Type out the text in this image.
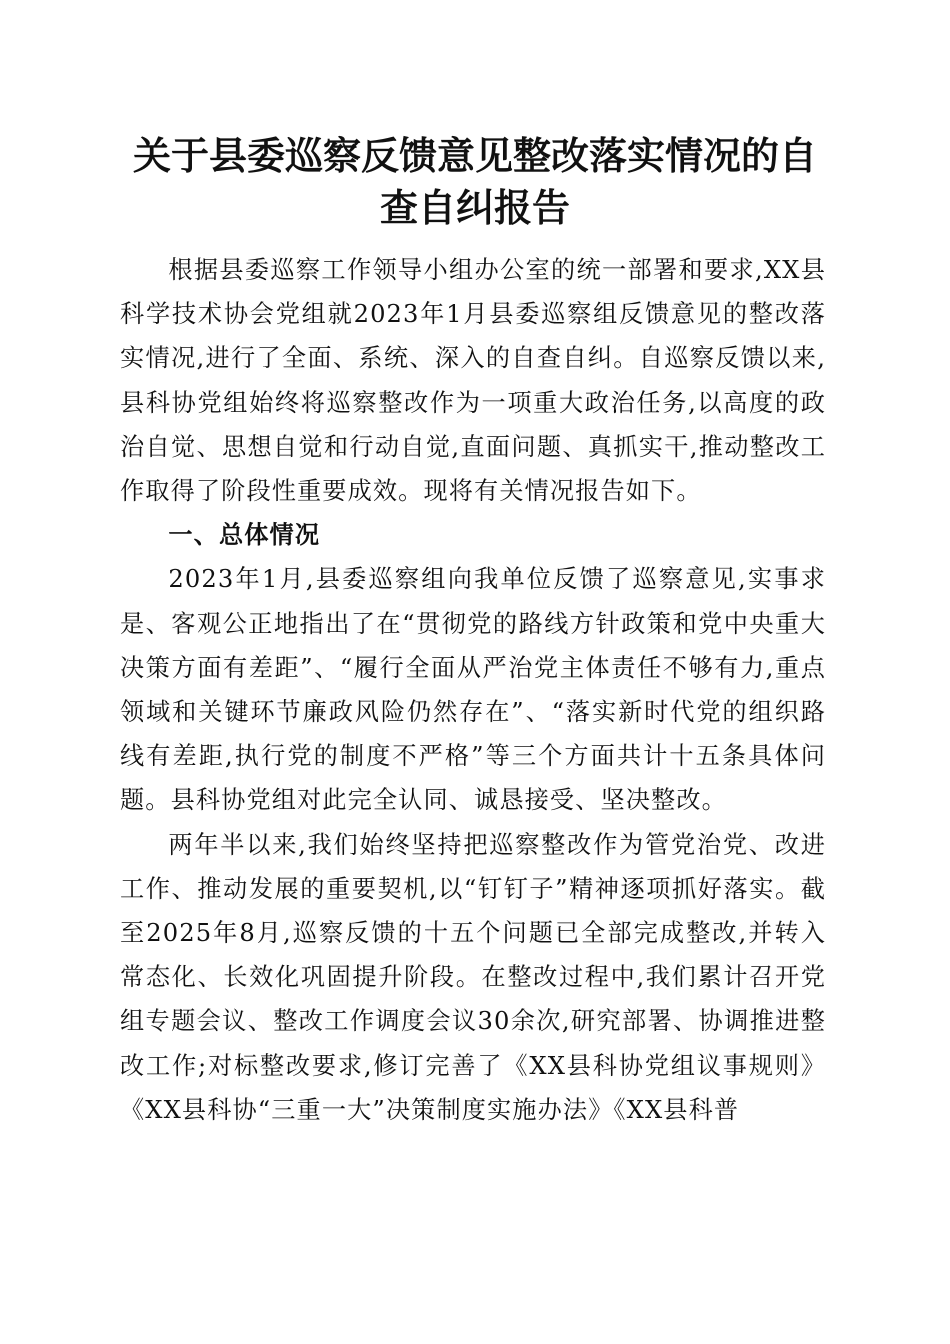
关于县委巡察反馈意见整改落实情况的自查自纠报告

根据县委巡察工作领导小组办公室的统一部署和要求,XX县科学技术协会党组就2023年1月县委巡察组反馈意见的整改落实情况,进行了全面、系统、深入的自查自纠。自巡察反馈以来,县科协党组始终将巡察整改作为一项重大政治任务,以高度的政治自觉、思想自觉和行动自觉,直面问题、真抓实干,推动整改工作取得了阶段性重要成效。现将有关情况报告如下。

一、总体情况

2023年1月,县委巡察组向我单位反馈了巡察意见,实事求是、客观公正地指出了在“贯彻党的路线方针政策和党中央重大决策方面有差距”、“履行全面从严治党主体责任不够有力,重点领域和关键环节廉政风险仍然存在”、“落实新时代党的组织路线有差距,执行党的制度不严格”等三个方面共计十五条具体问题。县科协党组对此完全认同、诚恳接受、坚决整改。

两年半以来,我们始终坚持把巡察整改作为管党治党、改进工作、推动发展的重要契机,以“钉钉子”精神逐项抓好落实。截至2025年8月,巡察反馈的十五个问题已全部完成整改,并转入常态化、长效化巩固提升阶段。在整改过程中,我们累计召开党组专题会议、整改工作调度会议30余次,研究部署、协调推进整改工作;对标整改要求,修订完善了《XX县科协党组议事规则》《XX县科协“三重一大”决策制度实施办法》《XX县科普
